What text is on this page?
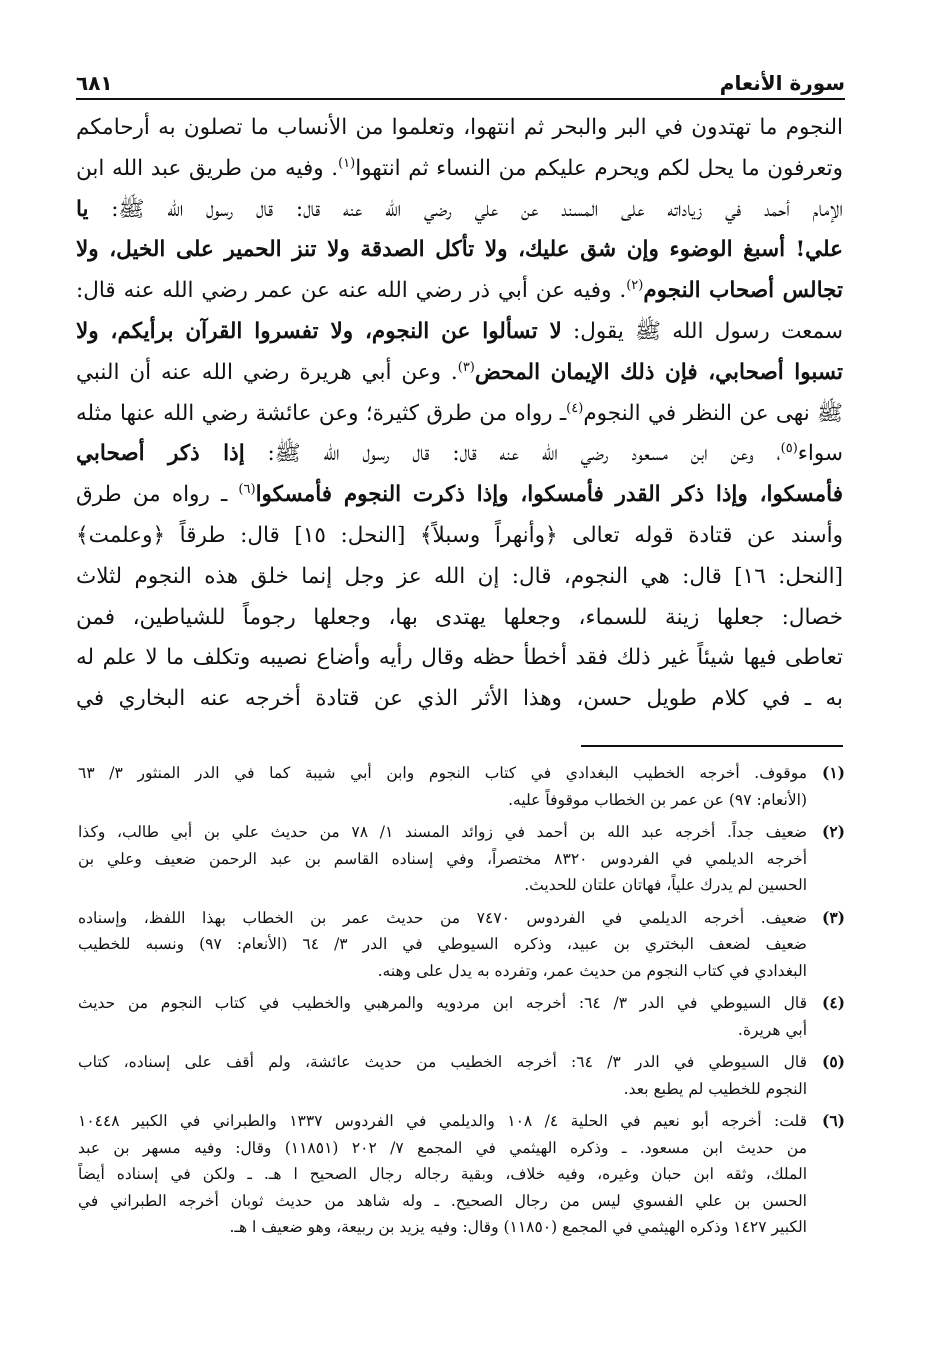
سورة الأنعام
٦٨١
النجوم ما تهتدون في البر والبحر ثم انتهوا، وتعلموا من الأنساب ما تصلون به أرحامكم
وتعرفون ما يحل لكم ويحرم عليكم من النساء ثم انتهوا$^{(١)}$. وفيه من طريق عبد الله ابن
الإمام أحمد في زياداته على المسند عن علي رضي الله عنه قال: قال رسول الله ﷺ: يا
علي! أسبغ الوضوء وإن شق عليك، ولا تأكل الصدقة ولا تنز الحمير على الخيل، ولا
تجالس أصحاب النجوم$^{(٢)}$. وفيه عن أبي ذر رضي الله عنه عن عمر رضي الله عنه قال:
سمعت رسول الله ﷺ يقول: لا تسألوا عن النجوم، ولا تفسروا القرآن برأيكم، ولا
تسبوا أصحابي، فإن ذلك الإيمان المحض$^{(٣)}$. وعن أبي هريرة رضي الله عنه أن النبي
ﷺ نهى عن النظر في النجوم$^{(٤)}$ـ رواه من طرق كثيرة؛ وعن عائشة رضي الله عنها مثله
سواء$^{(٥)}$، وعن ابن مسعود رضي الله عنه قال: قال رسول الله ﷺ: إذا ذكر أصحابي
فأمسكوا، وإذا ذكر القدر فأمسكوا، وإذا ذكرت النجوم فأمسكوا$^{(٦)}$ ـ رواه من طرق
وأسند عن قتادة قوله تعالى ﴿وأنهراً وسبلاً﴾ [النحل: ١٥] قال: طرقاً ﴿وعلمت﴾
[النحل: ١٦] قال: هي النجوم، قال: إن الله عز وجل إنما خلق هذه النجوم لثلاث
خصال: جعلها زينة للسماء، وجعلها يهتدى بها، وجعلها رجوماً للشياطين، فمن
تعاطى فيها شيئاً غير ذلك فقد أخطأ حظه وقال رأيه وأضاع نصيبه وتكلف ما لا علم له
به ـ في كلام طويل حسن، وهذا الأثر الذي عن قتادة أخرجه عنه البخاري في
(١)
موقوف. أخرجه الخطيب البغدادي في كتاب النجوم وابن أبي شيبة كما في الدر المنثور ٣/ ٦٣
(الأنعام: ٩٧) عن عمر بن الخطاب موقوفاً عليه.
(٢)
ضعيف جداً. أخرجه عبد الله بن أحمد في زوائد المسند ١/ ٧٨ من حديث علي بن أبي طالب، وكذا
أخرجه الديلمي في الفردوس ٨٣٢٠ مختصراً، وفي إسناده القاسم بن عبد الرحمن ضعيف وعلي بن
الحسين لم يدرك علياً، فهاتان علتان للحديث.
(٣)
ضعيف. أخرجه الديلمي في الفردوس ٧٤٧٠ من حديث عمر بن الخطاب بهذا اللفظ، وإسناده
ضعيف لضعف البختري بن عبيد، وذكره السيوطي في الدر ٣/ ٦٤ (الأنعام: ٩٧) ونسبه للخطيب
البغدادي في كتاب النجوم من حديث عمر، وتفرده به يدل على وهنه.
(٤)
قال السيوطي في الدر ٣/ ٦٤: أخرجه ابن مردويه والمرهبي والخطيب في كتاب النجوم من حديث
أبي هريرة.
(٥)
قال السيوطي في الدر ٣/ ٦٤: أخرجه الخطيب من حديث عائشة، ولم أقف على إسناده، كتاب
النجوم للخطيب لم يطبع بعد.
(٦)
قلت: أخرجه أبو نعيم في الحلية ٤/ ١٠٨ والديلمي في الفردوس ١٣٣٧ والطبراني في الكبير ١٠٤٤٨
من حديث ابن مسعود. ـ وذكره الهيثمي في المجمع ٧/ ٢٠٢ (١١٨٥١) وقال: وفيه مسهر بن عبد
الملك، وثقه ابن حبان وغيره، وفيه خلاف، وبقية رجاله رجال الصحيح ا هـ. ـ ولكن في إسناده أيضاً
الحسن بن علي الفسوي ليس من رجال الصحيح. ـ وله شاهد من حديث ثوبان أخرجه الطبراني في
الكبير ١٤٢٧ وذكره الهيثمي في المجمع (١١٨٥٠) وقال: وفيه يزيد بن ربيعة، وهو ضعيف ا هـ.
